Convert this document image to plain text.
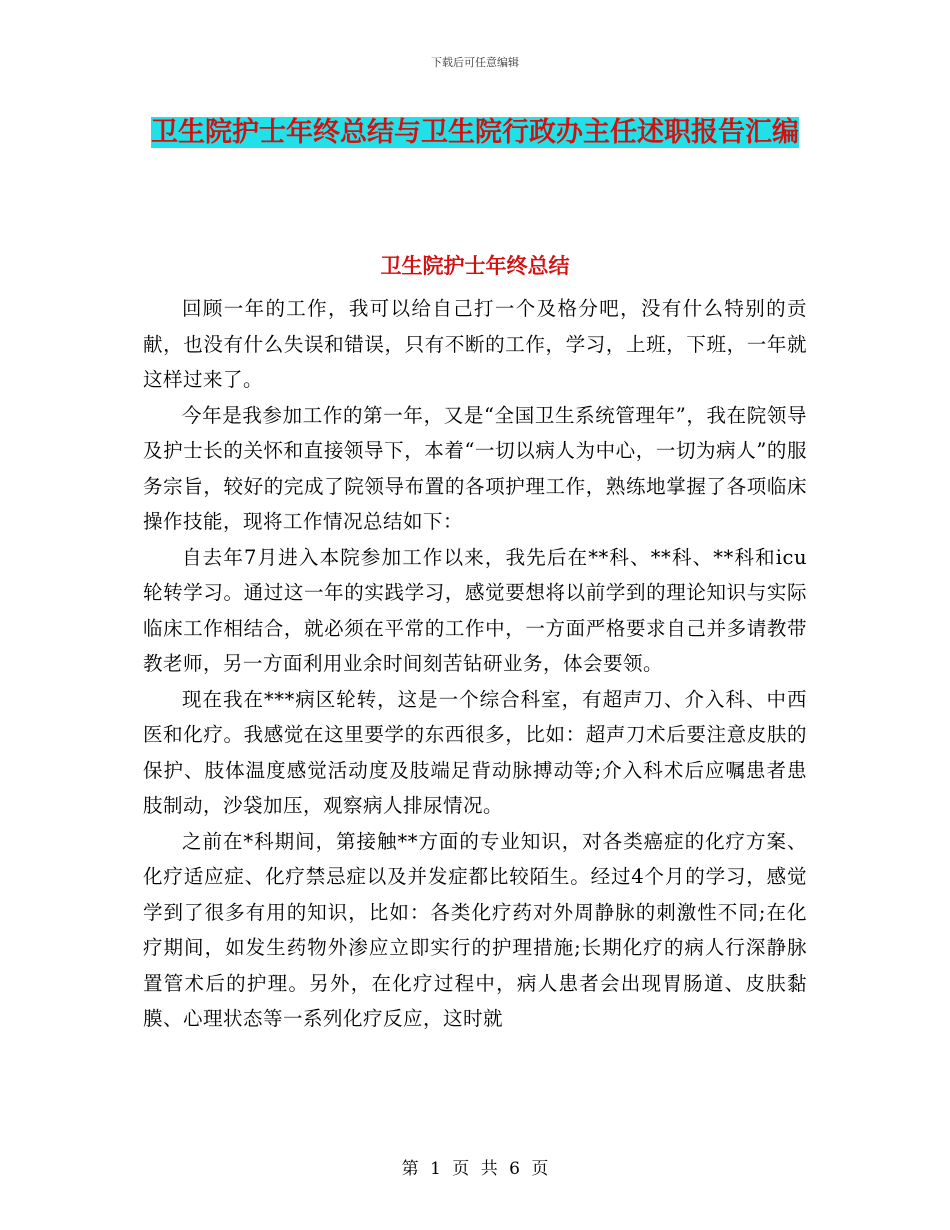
下载后可任意编辑
卫生院护士年终总结与卫生院行政办主任述职报告汇编
卫生院护士年终总结

回顾一年的工作，我可以给自己打一个及格分吧，没有什么特别的贡献，也没有什么失误和错误，只有不断的工作，学习，上班，下班，一年就这样过来了。

今年是我参加工作的第一年，又是“全国卫生系统管理年”，我在院领导及护士长的关怀和直接领导下，本着“一切以病人为中心，一切为病人”的服务宗旨，较好的完成了院领导布置的各项护理工作，熟练地掌握了各项临床操作技能，现将工作情况总结如下：

自去年7月进入本院参加工作以来，我先后在**科、**科、**科和icu轮转学习。通过这一年的实践学习，感觉要想将以前学到的理论知识与实际临床工作相结合，就必须在平常的工作中，一方面严格要求自己并多请教带教老师，另一方面利用业余时间刻苦钻研业务，体会要领。

现在我在***病区轮转，这是一个综合科室，有超声刀、介入科、中西医和化疗。我感觉在这里要学的东西很多，比如：超声刀术后要注意皮肤的保护、肢体温度感觉活动度及肢端足背动脉搏动等;介入科术后应嘱患者患肢制动，沙袋加压，观察病人排尿情况。

之前在*科期间，第接触**方面的专业知识，对各类癌症的化疗方案、化疗适应症、化疗禁忌症以及并发症都比较陌生。经过4个月的学习，感觉学到了很多有用的知识，比如：各类化疗药对外周静脉的刺激性不同;在化疗期间，如发生药物外渗应立即实行的护理措施;长期化疗的病人行深静脉置管术后的护理。另外，在化疗过程中，病人患者会出现胃肠道、皮肤黏膜、心理状态等一系列化疗反应，这时就

第 1 页 共 6 页
